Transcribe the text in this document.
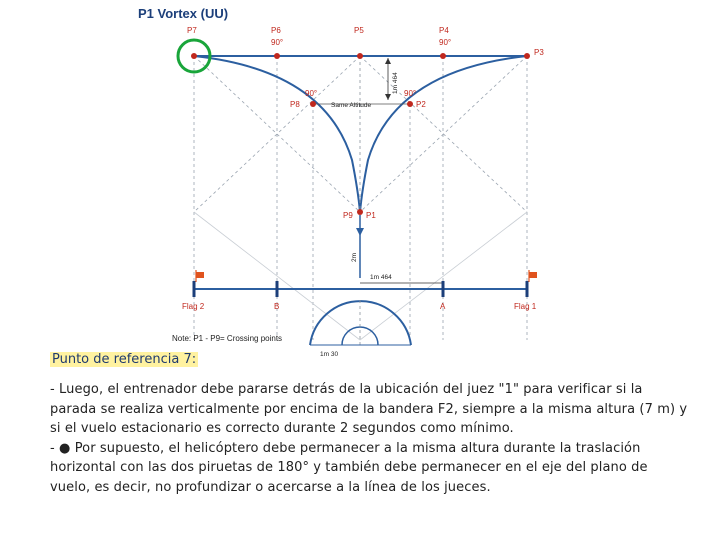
P1 Vortex (UU)
1m 464
Same Altitude
2m
1m 464
Flag 2	B	A	Flag 1
1m 30
Note: P1 - P9= Crossing points
P7	P6
90°
P5	P4
90°
P3
90°
P8
90°
P2
P9 P1
Punto de referencia 7:

- Luego, el entrenador debe pararse detrás de la ubicación del juez "1" para verificar si la parada se realiza verticalmente por encima de la bandera F2, siempre a la misma altura (7 m) y si el vuelo estacionario es correcto durante 2 segundos como mínimo.

- ● Por supuesto, el helicóptero debe permanecer a la misma altura durante la traslación horizontal con las dos piruetas de 180° y también debe permanecer en el eje del plano de vuelo, es decir, no profundizar o acercarse a la línea de los jueces.
